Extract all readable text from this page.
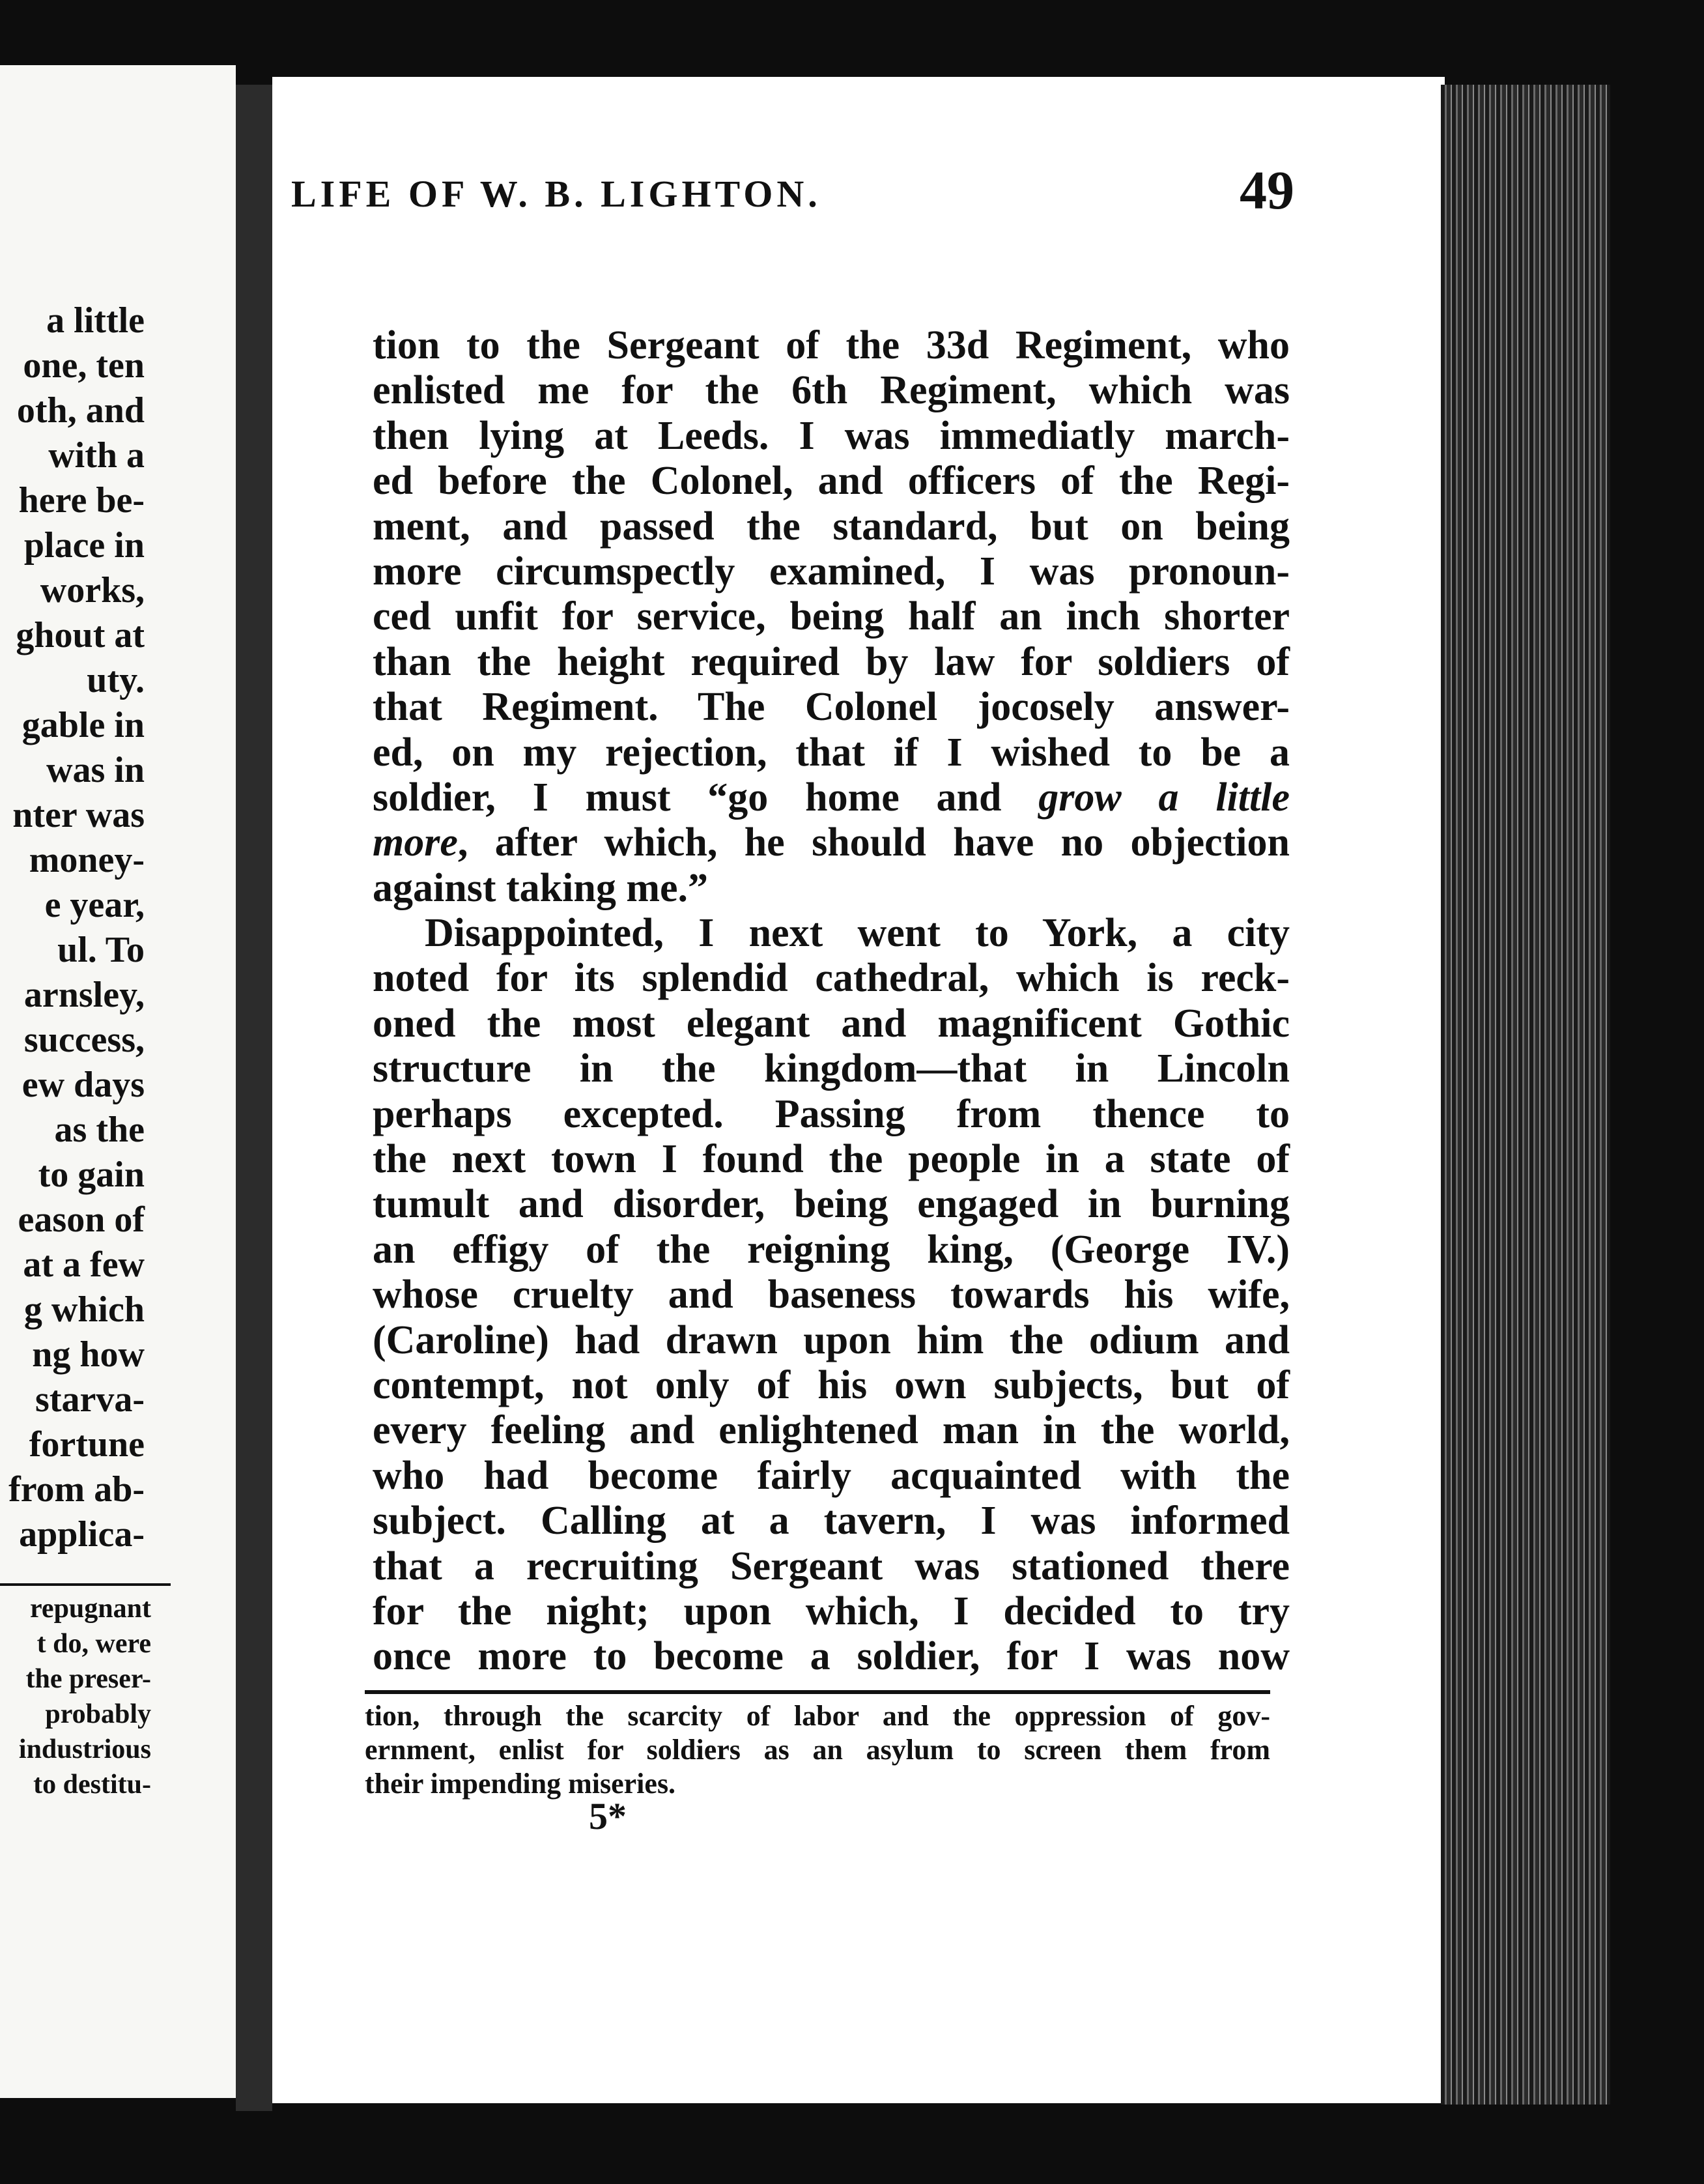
a little
one, ten
oth, and
with a
here be-
place in
works,
ghout at
uty.
gable in
was in
nter was
money-
e year,
ul. To
arnsley,
success,
ew days
as the
to gain
eason of
at a few
g which
ng how
starva-
fortune
from ab-
applica-
repugnant
t do, were
the preser-
probably
industrious
to destitu-
LIFE OF W. B. LIGHTON.	49
tion to the Sergeant of the 33d Regiment, who
enlisted me for the 6th Regiment, which was
then lying at Leeds. I was immediatly march-
ed before the Colonel, and officers of the Regi-
ment, and passed the standard, but on being
more circumspectly examined, I was pronoun-
ced unfit for service, being half an inch shorter
than the height required by law for soldiers of
that Regiment. The Colonel jocosely answer-
ed, on my rejection, that if I wished to be a
soldier, I must “go home and grow a little
more, after which, he should have no objection
against taking me.”
Disappointed, I next went to York, a city
noted for its splendid cathedral, which is reck-
oned the most elegant and magnificent Gothic
structure in the kingdom—that in Lincoln
perhaps excepted. Passing from thence to
the next town I found the people in a state of
tumult and disorder, being engaged in burning
an effigy of the reigning king, (George IV.)
whose cruelty and baseness towards his wife,
(Caroline) had drawn upon him the odium and
contempt, not only of his own subjects, but of
every feeling and enlightened man in the world,
who had become fairly acquainted with the
subject. Calling at a tavern, I was informed
that a recruiting Sergeant was stationed there
for the night; upon which, I decided to try
once more to become a soldier, for I was now
tion, through the scarcity of labor and the oppression of gov-
ernment, enlist for soldiers as an asylum to screen them from
their impending miseries.
5*
